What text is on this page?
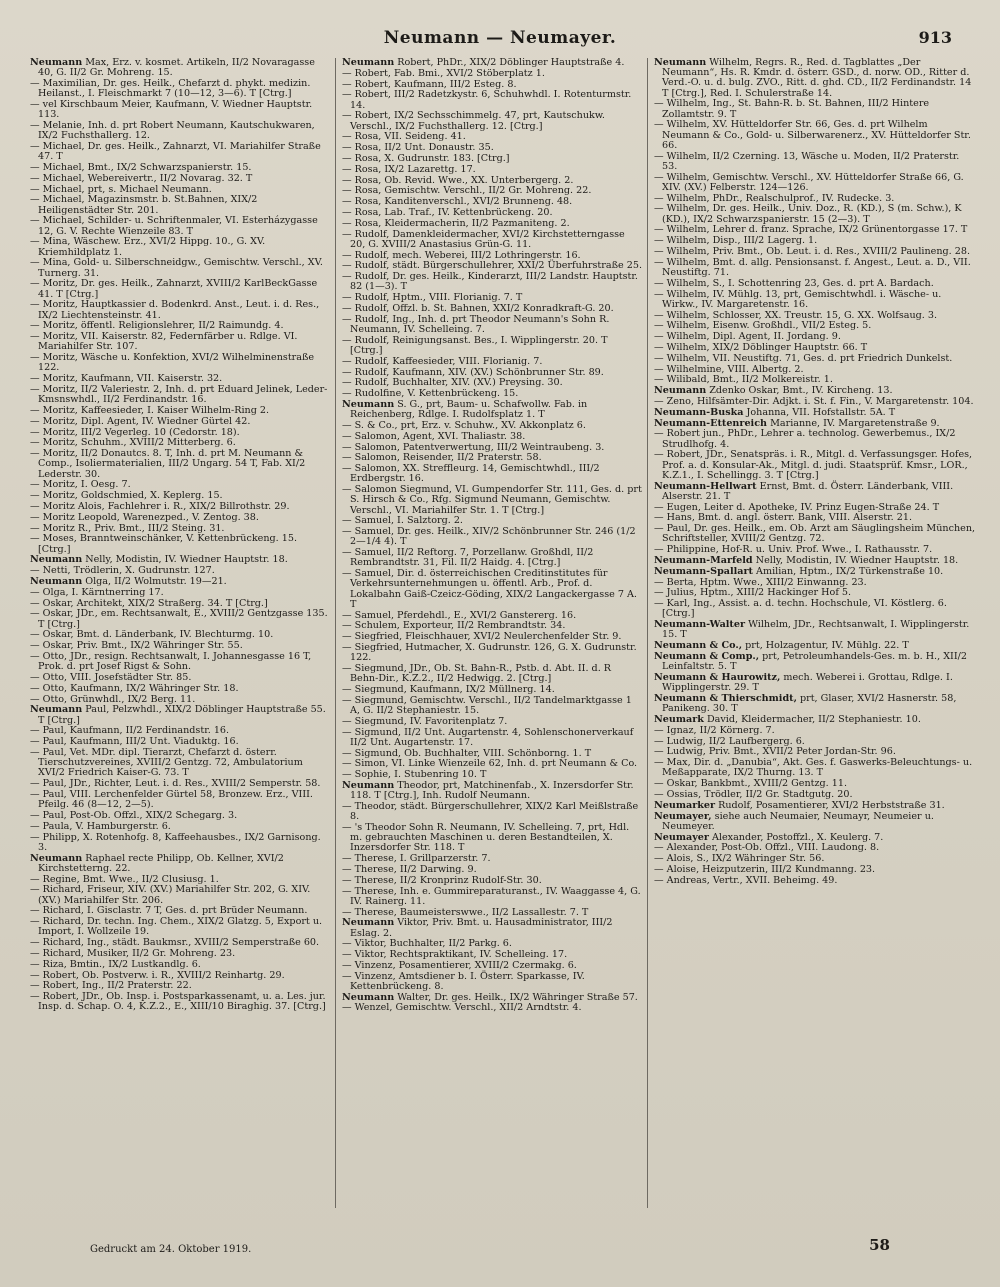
Neumann — Neumayer.	913
Neumann Max, Erz. v. kosmet. Artikeln, II/2 Novaragasse 40, G. II/2 Gr. Mohreng. 15.
— Maximilian, Dr. ges. Heilk., Chefarzt d. phykt. medizin. Heilanst., I. Fleischmarkt 7 (10—12, 3—6). T [Ctrg.]
— vel Kirschbaum Meier, Kaufmann, V. Wiedner Hauptstr. 113.
— Melanie, Inh. d. prt Robert Neumann, Kautschukwaren, IX/2 Fuchsthallerg. 12.
— Michael, Dr. ges. Heilk., Zahnarzt, VI. Mariahilfer Straße 47. T
— Michael, Bmt., IX/2 Schwarzspanierstr. 15.
— Michael, Webereivertr., II/2 Novarag. 32. T
— Michael, prt, s. Michael Neumann.
— Michael, Magazinsmstr. b. St.Bahnen, XIX/2 Heiligenstädter Str. 201.
— Michael, Schilder- u. Schriftenmaler, VI. Esterházygasse 12, G. V. Rechte Wienzeile 83. T
— Mina, Wäschew. Erz., XVI/2 Hippg. 10., G. XV. Kriemhildplatz 1.
— Mina, Gold- u. Silberschneidgw., Gemischtw. Verschl., XV. Turnerg. 31.
— Moritz, Dr. ges. Heilk., Zahnarzt, XVIII/2 KarlBeckGasse 41. T [Ctrg.]
— Moritz, Hauptkassier d. Bodenkrd. Anst., Leut. i. d. Res., IX/2 Liechtensteinstr. 41.
— Moritz, öffentl. Religionslehrer, II/2 Raimundg. 4.
— Moritz, VII. Kaiserstr. 82, Federnfärber u. Rdlge. VI. Mariahilfer Str. 107.
— Moritz, Wäsche u. Konfektion, XVI/2 Wilhelminenstraße 122.
— Moritz, Kaufmann, VII. Kaiserstr. 32.
— Moritz, II/2 Valeriestr. 2, Inh. d. prt Eduard Jelinek, Leder-Kmsnswhdl., II/2 Ferdinandstr. 16.
— Moritz, Kaffeesieder, I. Kaiser Wilhelm-Ring 2.
— Moritz, Dipl. Agent, IV. Wiedner Gürtel 42.
— Moritz, III/2 Vegerleg. 10 (Cedorstr. 18).
— Moritz, Schuhm., XVIII/2 Mitterberg. 6.
— Moritz, II/2 Donautcs. 8. T, Inh. d. prt M. Neumann & Comp., Isoliermaterialien, III/2 Ungarg. 54 T, Fab. XI/2 Lederstr. 30.
— Moritz, I. Oesg. 7.
— Moritz, Goldschmied, X. Keplerg. 15.
— Moritz Alois, Fachlehrer i. R., XIX/2 Billrothstr. 29.
— Moritz Leopold, Warenezped., V. Zentog. 38.
— Moritz R., Priv. Bmt., III/2 Steing. 31.
— Moses, Branntweinschänker, V. Kettenbrückeng. 15. [Ctrg.]
Neumann Nelly, Modistin, IV. Wiedner Hauptstr. 18.
— Netti, Trödlerin, X. Gudrunstr. 127.
Neumann Olga, II/2 Wolmutstr. 19—21.
— Olga, I. Kärntnerring 17.
— Oskar, Architekt, XIX/2 Straßerg. 34. T [Ctrg.]
— Oskar, JDr., em. Rechtsanwalt, E., XVIII/2 Gentzgasse 135. T [Ctrg.]
— Oskar, Bmt. d. Länderbank, IV. Blechturmg. 10.
— Oskar, Priv. Bmt., IX/2 Währinger Str. 55.
— Otto, JDr., resign. Rechtsanwalt, I. Johannesgasse 16 T, Prok. d. prt Josef Rigst & Sohn.
— Otto, VIII. Josefstädter Str. 85.
— Otto, Kaufmann, IX/2 Währinger Str. 18.
— Otto, Grünwhdl., IX/2 Berg. 11.
Neumann Paul, Pelzwhdl., XIX/2 Döblinger Hauptstraße 55. T [Ctrg.]
— Paul, Kaufmann, II/2 Ferdinandstr. 16.
— Paul, Kaufmann, III/2 Unt. Viaduktg. 16.
— Paul, Vet. MDr. dipl. Tierarzt, Chefarzt d. österr. Tierschutzvereines, XVIII/2 Gentzg. 72, Ambulatorium XVI/2 Friedrich Kaiser-G. 73. T
— Paul, JDr., Richter, Leut. i. d. Res., XVIII/2 Semperstr. 58.
— Paul, VIII. Lerchenfelder Gürtel 58, Bronzew. Erz., VIII. Pfeilg. 46 (8—12, 2—5).
— Paul, Post-Ob. Offzl., XIX/2 Schegarg. 3.
— Paula, V. Hamburgerstr. 6.
— Philipp, X. Rotenhofg. 8, Kaffeehausbes., IX/2 Garnisong. 3.
Neumann Raphael recte Philipp, Ob. Kellner, XVI/2 Kirchstetterng. 22.
— Regine, Bmt. Wwe., II/2 Clusiusg. 1.
— Richard, Friseur, XIV. (XV.) Mariahilfer Str. 202, G. XIV. (XV.) Mariahilfer Str. 206.
— Richard, I. Gisclastr. 7 T, Ges. d. prt Brüder Neumann.
— Richard, Dr. techn. Ing. Chem., XIX/2 Glatzg. 5, Export u. Import, I. Wollzeile 19.
— Richard, Ing., städt. Baukmsr., XVIII/2 Semperstraße 60.
— Richard, Musiker, II/2 Gr. Mohreng. 23.
— Riza, Bmtin., IX/2 Lustkandlg. 6.
— Robert, Ob. Postverw. i. R., XVIII/2 Reinhartg. 29.
— Robert, Ing., II/2 Praterstr. 22.
— Robert, JDr., Ob. Insp. i. Postsparkassenamt, u. a. Les. jur. Insp. d. Schap. O. 4, K.Z.2., E., XIII/10 Biraghig. 37. [Ctrg.]
Neumann Robert, PhDr., XIX/2 Döblinger Hauptstraße 4.
— Robert, Fab. Bmi., XVI/2 Stöberplatz 1.
— Robert, Kaufmann, III/2 Esteg. 8.
— Robert, III/2 Radetzkystr. 6, Schuhwhdl. I. Rotenturmstr. 14.
— Robert, IX/2 Sechsschimmelg. 47, prt, Kautschukw. Verschl., IX/2 Fuchsthallerg. 12. [Ctrg.]
— Rosa, VII. Seideng. 41.
— Rosa, II/2 Unt. Donaustr. 35.
— Rosa, X. Gudrunstr. 183. [Ctrg.]
— Rosa, IX/2 Lazarettg. 17.
— Rosa, Ob. Revid. Wwe., XX. Unterbergerg. 2.
— Rosa, Gemischtw. Verschl., II/2 Gr. Mohreng. 22.
— Rosa, Kanditenverschl., XVI/2 Brunneng. 48.
— Rosa, Lab. Traf., IV. Kettenbrückeng. 20.
— Rosa, Kleidermacherin, II/2 Pazmaniteng. 2.
— Rudolf, Damenkleidermacher, XVI/2 Kirchstetterngasse 20, G. XVIII/2 Anastasius Grün-G. 11.
— Rudolf, mech. Weberei, III/2 Lothringerstr. 16.
— Rudolf, städt. Bürgerschullehrer, XXI/2 Überfuhrstraße 25.
— Rudolf, Dr. ges. Heilk., Kinderarzt, III/2 Landstr. Hauptstr. 82 (1—3). T
— Rudolf, Hptm., VIII. Florianig. 7. T
— Rudolf, Offzl. b. St. Bahnen, XXI/2 Konradkraft-G. 20.
— Rudolf, Ing., Inh. d. prt Theodor Neumann's Sohn R. Neumann, IV. Schelleing. 7.
— Rudolf, Reinigungsanst. Bes., I. Wipplingerstr. 20. T [Ctrg.]
— Rudolf, Kaffeesieder, VIII. Florianig. 7.
— Rudolf, Kaufmann, XIV. (XV.) Schönbrunner Str. 89.
— Rudolf, Buchhalter, XIV. (XV.) Preysing. 30.
— Rudolfine, V. Kettenbrückeng. 15.
Neumann S. G., prt, Baum- u. Schafwollw. Fab. in Reichenberg, Rdlge. I. Rudolfsplatz 1. T
— S. & Co., prt, Erz. v. Schuhw., XV. Akkonplatz 6.
— Salomon, Agent, XVI. Thaliastr. 38.
— Salomon, Patentverwertung, III/2 Weintraubeng. 3.
— Salomon, Reisender, II/2 Praterstr. 58.
— Salomon, XX. Streffleurg. 14, Gemischtwhdl., III/2 Erdbergstr. 16.
— Salomon Siegmund, VI. Gumpendorfer Str. 111, Ges. d. prt S. Hirsch & Co., Rfg. Sigmund Neumann, Gemischtw. Verschl., VI. Mariahilfer Str. 1. T [Ctrg.]
— Samuel, I. Salztorg. 2.
— Samuel, Dr. ges. Heilk., XIV/2 Schönbrunner Str. 246 (1/2 2—1/4 4). T
— Samuel, II/2 Reftorg. 7, Porzellanw. Großhdl, II/2 Rembrandtstr. 31, Fil. II/2 Haidg. 4. [Ctrg.]
— Samuel, Dir. d. österreichischen Creditinstitutes für Verkehrsunternehmungen u. öffentl. Arb., Prof. d. Lokalbahn Gaiß-Czeicz-Göding, XIX/2 Langackergasse 7 A. T
— Samuel, Pferdehdl., E., XVI/2 Ganstererg. 16.
— Schulem, Exporteur, II/2 Rembrandtstr. 34.
— Siegfried, Fleischhauer, XVI/2 Neulerchenfelder Str. 9.
— Siegfried, Hutmacher, X. Gudrunstr. 126, G. X. Gudrunstr. 122.
— Siegmund, JDr., Ob. St. Bahn-R., Pstb. d. Abt. II. d. R Behn-Dir., K.Z.2., II/2 Hedwigg. 2. [Ctrg.]
— Siegmund, Kaufmann, IX/2 Müllnerg. 14.
— Siegmund, Gemischtw. Verschl., II/2 Tandelmarktgasse 1 A, G. II/2 Stephaniestr. 15.
— Siegmund, IV. Favoritenplatz 7.
— Sigmund, II/2 Unt. Augartenstr. 4, Sohlenschonerverkauf II/2 Unt. Augartenstr. 17.
— Sigmund, Ob. Buchhalter, VIII. Schönborng. 1. T
— Simon, VI. Linke Wienzeile 62, Inh. d. prt Neumann & Co.
— Sophie, I. Stubenring 10. T
Neumann Theodor, prt, Matchinenfab., X. Inzersdorfer Str. 118. T [Ctrg.], Inh. Rudolf Neumann.
— Theodor, städt. Bürgerschullehrer, XIX/2 Karl Meißlstraße 8.
— 's Theodor Sohn R. Neumann, IV. Schelleing. 7, prt, Hdl. m. gebrauchten Maschinen u. deren Bestandteilen, X. Inzersdorfer Str. 118. T
— Therese, I. Grillparzerstr. 7.
— Therese, II/2 Darwing. 9.
— Therese, II/2 Kronprinz Rudolf-Str. 30.
— Therese, Inh. e. Gummireparaturanst., IV. Waaggasse 4, G. IV. Rainerg. 11.
— Therese, Baumeisterswwe., II/2 Lassallestr. 7. T
Neumann Viktor, Priv. Bmt. u. Hausadministrator, III/2 Eslag. 2.
— Viktor, Buchhalter, II/2 Parkg. 6.
— Viktor, Rechtspraktikant, IV. Schelleing. 17.
— Vinzenz, Posamentierer, XVIII/2 Czermakg. 6.
— Vinzenz, Amtsdiener b. I. Österr. Sparkasse, IV. Kettenbrückeng. 8.
Neumann Walter, Dr. ges. Heilk., IX/2 Währinger Straße 57.
— Wenzel, Gemischtw. Verschl., XII/2 Arndtstr. 4.
Neumann Wilhelm, Regrs. R., Red. d. Tagblattes „Der Neumann“, Hs. R. Kmdr. d. österr. GSD., d. norw. OD., Ritter d. Verd.-O. u. d. bulg. ZVO., Ritt. d. ghd. CD., II/2 Ferdinandstr. 14 T [Ctrg.], Red. I. Schulerstraße 14.
— Wilhelm, Ing., St. Bahn-R. b. St. Bahnen, III/2 Hintere Zollamtstr. 9. T
— Wilhelm, XV. Hütteldorfer Str. 66, Ges. d. prt Wilhelm Neumann & Co., Gold- u. Silberwarenerz., XV. Hütteldorfer Str. 66.
— Wilhelm, II/2 Czerning. 13, Wäsche u. Moden, II/2 Praterstr. 53.
— Wilhelm, Gemischtw. Verschl., XV. Hütteldorfer Straße 66, G. XIV. (XV.) Felberstr. 124—126.
— Wilhelm, PhDr., Realschulprof., IV. Rudecke. 3.
— Wilhelm, Dr. ges. Heilk., Univ. Doz., R. (KD.), S (m. Schw.), K (KD.), IX/2 Schwarzspanierstr. 15 (2—3). T
— Wilhelm, Lehrer d. franz. Sprache, IX/2 Grünentorgasse 17. T
— Wilhelm, Disp., III/2 Lagerg. 1.
— Wilhelm, Priv. Bmt., Ob. Leut. i. d. Res., XVIII/2 Paulineng. 28.
— Wilhelm, Bmt. d. allg. Pensionsanst. f. Angest., Leut. a. D., VII. Neustiftg. 71.
— Wilhelm, S., I. Schottenring 23, Ges. d. prt A. Bardach.
— Wilhelm, IV. Mühlg. 13, prt, Gemischtwhdl. i. Wäsche- u. Wirkw., IV. Margaretenstr. 16.
— Wilhelm, Schlosser, XX. Treustr. 15, G. XX. Wolfsaug. 3.
— Wilhelm, Eisenw. Großhdl., VII/2 Esteg. 5.
— Wilhelm, Dipl. Agent, II. Jordang. 9.
— Wilhelm, XIX/2 Döblinger Hauptstr. 66. T
— Wilhelm, VII. Neustiftg. 71, Ges. d. prt Friedrich Dunkelst.
— Wilhelmine, VIII. Albertg. 2.
— Wilibald, Bmt., II/2 Molkereistr. 1.
Neumann Zdenko Oskar, Bmt., IV. Kircheng. 13.
— Zeno, Hilfsämter-Dir. Adjkt. i. St. f. Fin., V. Margaretenstr. 104.
Neumann-Buska Johanna, VII. Hofstallstr. 5A. T
Neumann-Ettenreich Marianne, IV. Margaretenstraße 9.
— Robert jun., PhDr., Lehrer a. technolog. Gewerbemus., IX/2 Strudlhofg. 4.
— Robert, JDr., Senatspräs. i. R., Mitgl. d. Verfassungsger. Hofes, Prof. a. d. Konsular-Ak., Mitgl. d. judi. Staatsprüf. Kmsr., LOR., K.Z.1., I. Schellingg. 3. T [Ctrg.]
Neumann-Hellwart Ernst, Bmt. d. Österr. Länderbank, VIII. Alserstr. 21. T
— Eugen, Leiter d. Apotheke, IV. Prinz Eugen-Straße 24. T
— Hans, Bmt. d. angl. österr. Bank, VIII. Alserstr. 21.
— Paul, Dr. ges. Heilk., em. Ob. Arzt am Säuglingsheim München, Schriftsteller, XVIII/2 Gentzg. 72.
— Philippine, Hof-R. u. Univ. Prof. Wwe., I. Rathausstr. 7.
Neumann-Marfeld Nelly, Modistin, IV. Wiedner Hauptstr. 18.
Neumann-Spallart Amilian, Hptm., IX/2 Türkenstraße 10.
— Berta, Hptm. Wwe., XIII/2 Einwanng. 23.
— Julius, Hptm., XIII/2 Hackinger Hof 5.
— Karl, Ing., Assist. a. d. techn. Hochschule, VI. Köstlerg. 6. [Ctrg.]
Neumann-Walter Wilhelm, JDr., Rechtsanwalt, I. Wipplingerstr. 15. T
Neumann & Co., prt, Holzagentur, IV. Mühlg. 22. T
Neumann & Comp., prt, Petroleumhandels-Ges. m. b. H., XII/2 Leinfaltstr. 5. T
Neumann & Haurowitz, mech. Weberei i. Grottau, Rdlge. I. Wipplingerstr. 29. T
Neumann & Thierschmidt, prt, Glaser, XVI/2 Hasnerstr. 58, Panikeng. 30. T
Neumark David, Kleidermacher, II/2 Stephaniestr. 10.
— Ignaz, II/2 Körnerg. 7.
— Ludwig, II/2 Laufbergerg. 6.
— Ludwig, Priv. Bmt., XVII/2 Peter Jordan-Str. 96.
— Max, Dir. d. „Danubia“, Akt. Ges. f. Gaswerks-Beleuchtungs- u. Meßapparate, IX/2 Thurng. 13. T
— Oskar, Bankbmt., XVIII/2 Gentzg. 11.
— Ossias, Trödler, II/2 Gr. Stadtgutg. 20.
Neumarker Rudolf, Posamentierer, XVI/2 Herbststraße 31.
Neumayer, siehe auch Neumaier, Neumayr, Neumeier u. Neumeyer.
Neumayer Alexander, Postoffzl., X. Keulerg. 7.
— Alexander, Post-Ob. Offzl., VIII. Laudong. 8.
— Alois, S., IX/2 Währinger Str. 56.
— Aloise, Heizputzerin, III/2 Kundmanng. 23.
— Andreas, Vertr., XVII. Beheimg. 49.
Gedruckt am 24. Oktober 1919.	58
